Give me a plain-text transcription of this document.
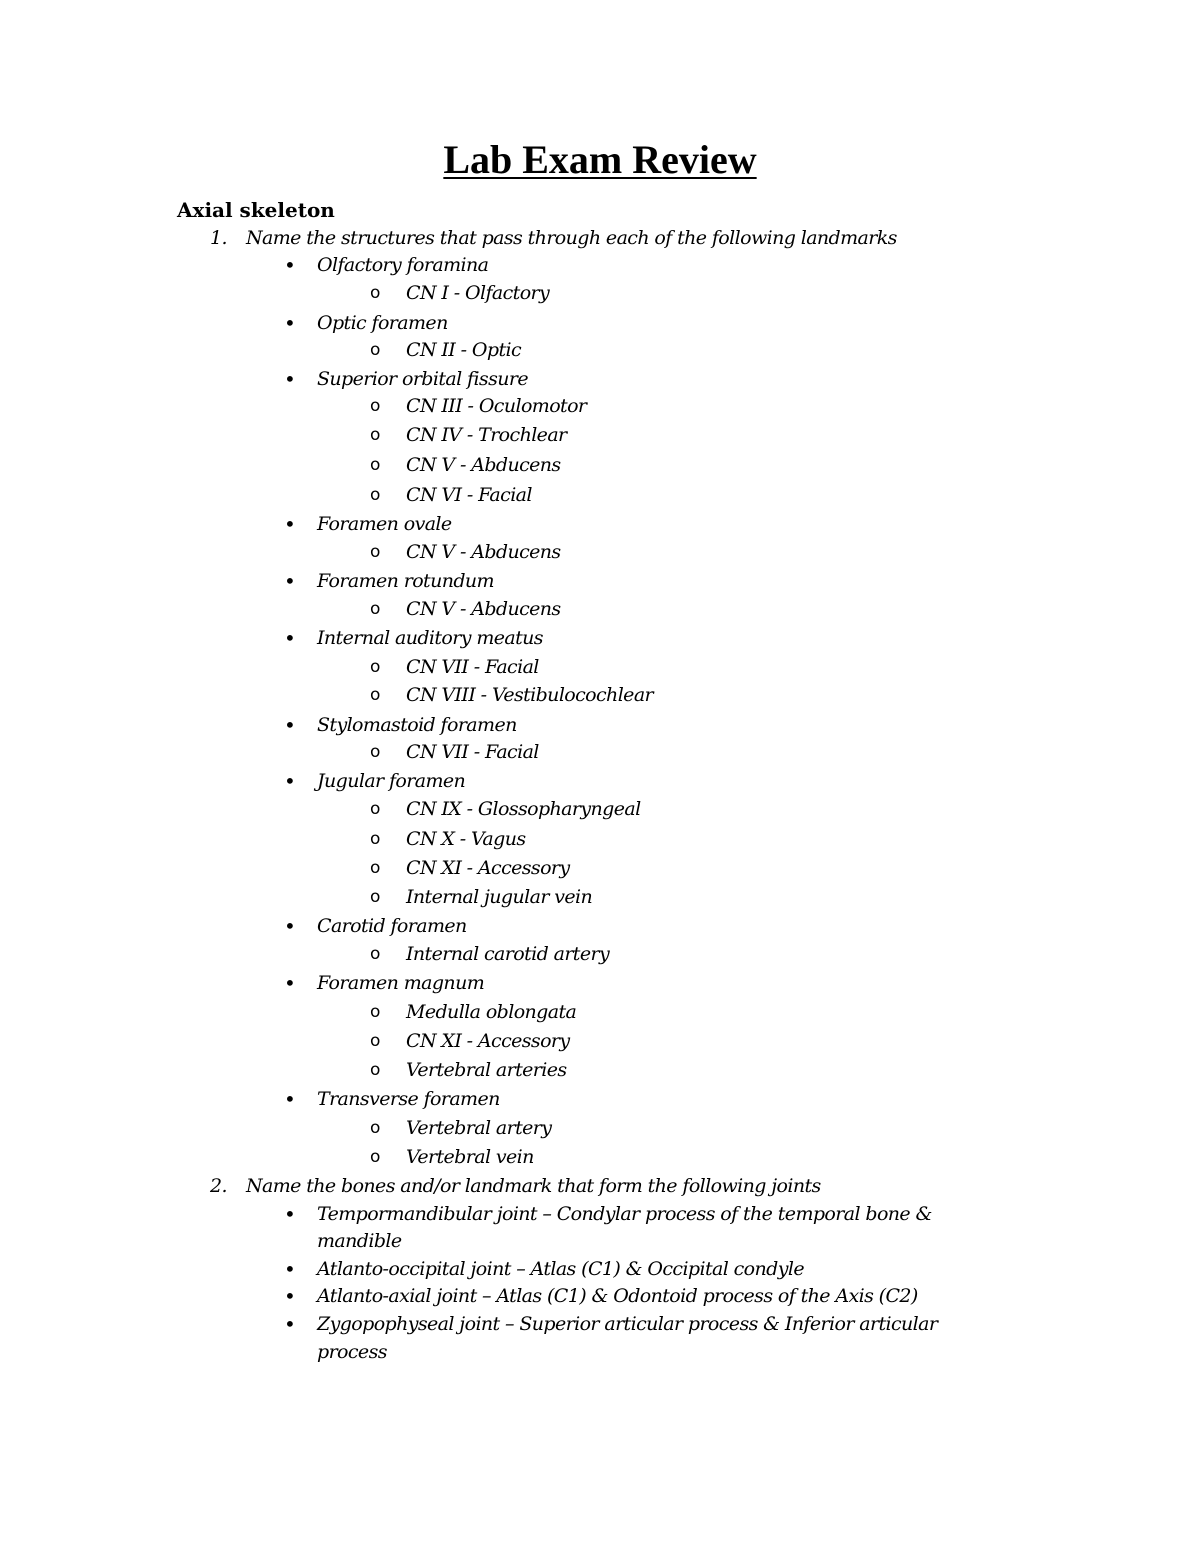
Lab Exam Review
Axial skeleton
1. Name the structures that pass through each of the following landmarks
• Olfactory foramina
o CN I - Olfactory
• Optic foramen
o CN II - Optic
• Superior orbital fissure
o CN III - Oculomotor
o CN IV - Trochlear
o CN V - Abducens
o CN VI - Facial
• Foramen ovale
o CN V - Abducens
• Foramen rotundum
o CN V - Abducens
• Internal auditory meatus
o CN VII - Facial
o CN VIII - Vestibulocochlear
• Stylomastoid foramen
o CN VII - Facial
• Jugular foramen
o CN IX - Glossopharyngeal
o CN X - Vagus
o CN XI - Accessory
o Internal jugular vein
• Carotid foramen
o Internal carotid artery
• Foramen magnum
o Medulla oblongata
o CN XI - Accessory
o Vertebral arteries
• Transverse foramen
o Vertebral artery
o Vertebral vein
2. Name the bones and/or landmark that form the following joints
• Tempormandibular joint – Condylar process of the temporal bone &
mandible
• Atlanto-occipital joint – Atlas (C1) & Occipital condyle
• Atlanto-axial joint – Atlas (C1) & Odontoid process of the Axis (C2)
• Zygopophyseal joint – Superior articular process & Inferior articular
process
